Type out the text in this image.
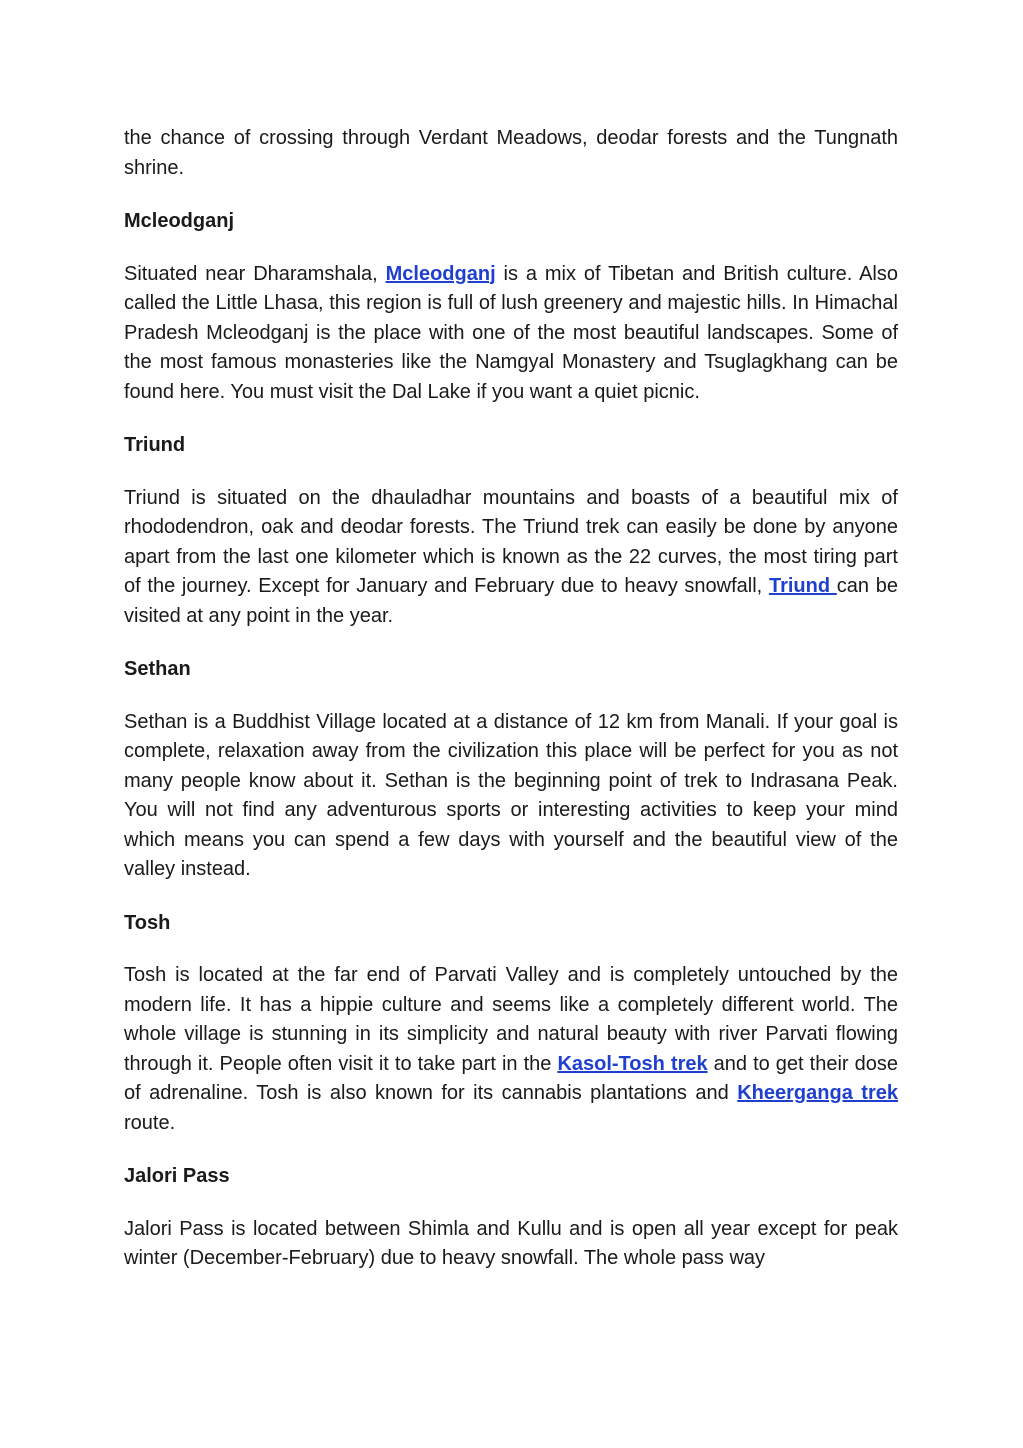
the chance of crossing through Verdant Meadows, deodar forests and the Tungnath shrine.

Mcleodganj

Situated near Dharamshala, Mcleodganj is a mix of Tibetan and British culture. Also called the Little Lhasa, this region is full of lush greenery and majestic hills. In Himachal Pradesh Mcleodganj is the place with one of the most beautiful landscapes. Some of the most famous monasteries like the Namgyal Monastery and Tsuglagkhang can be found here. You must visit the Dal Lake if you want a quiet picnic.

Triund

Triund is situated on the dhauladhar mountains and boasts of a beautiful mix of rhododendron, oak and deodar forests. The Triund trek can easily be done by anyone apart from the last one kilometer which is known as the 22 curves, the most tiring part of the journey. Except for January and February due to heavy snowfall, Triund can be visited at any point in the year.

Sethan

Sethan is a Buddhist Village located at a distance of 12 km from Manali. If your goal is complete, relaxation away from the civilization this place will be perfect for you as not many people know about it. Sethan is the beginning point of trek to Indrasana Peak. You will not find any adventurous sports or interesting activities to keep your mind which means you can spend a few days with yourself and the beautiful view of the valley instead.

Tosh

Tosh is located at the far end of Parvati Valley and is completely untouched by the modern life. It has a hippie culture and seems like a completely different world. The whole village is stunning in its simplicity and natural beauty with river Parvati flowing through it. People often visit it to take part in the Kasol-Tosh trek and to get their dose of adrenaline. Tosh is also known for its cannabis plantations and Kheerganga trek route.

Jalori Pass

Jalori Pass is located between Shimla and Kullu and is open all year except for peak winter (December-February) due to heavy snowfall. The whole pass way
